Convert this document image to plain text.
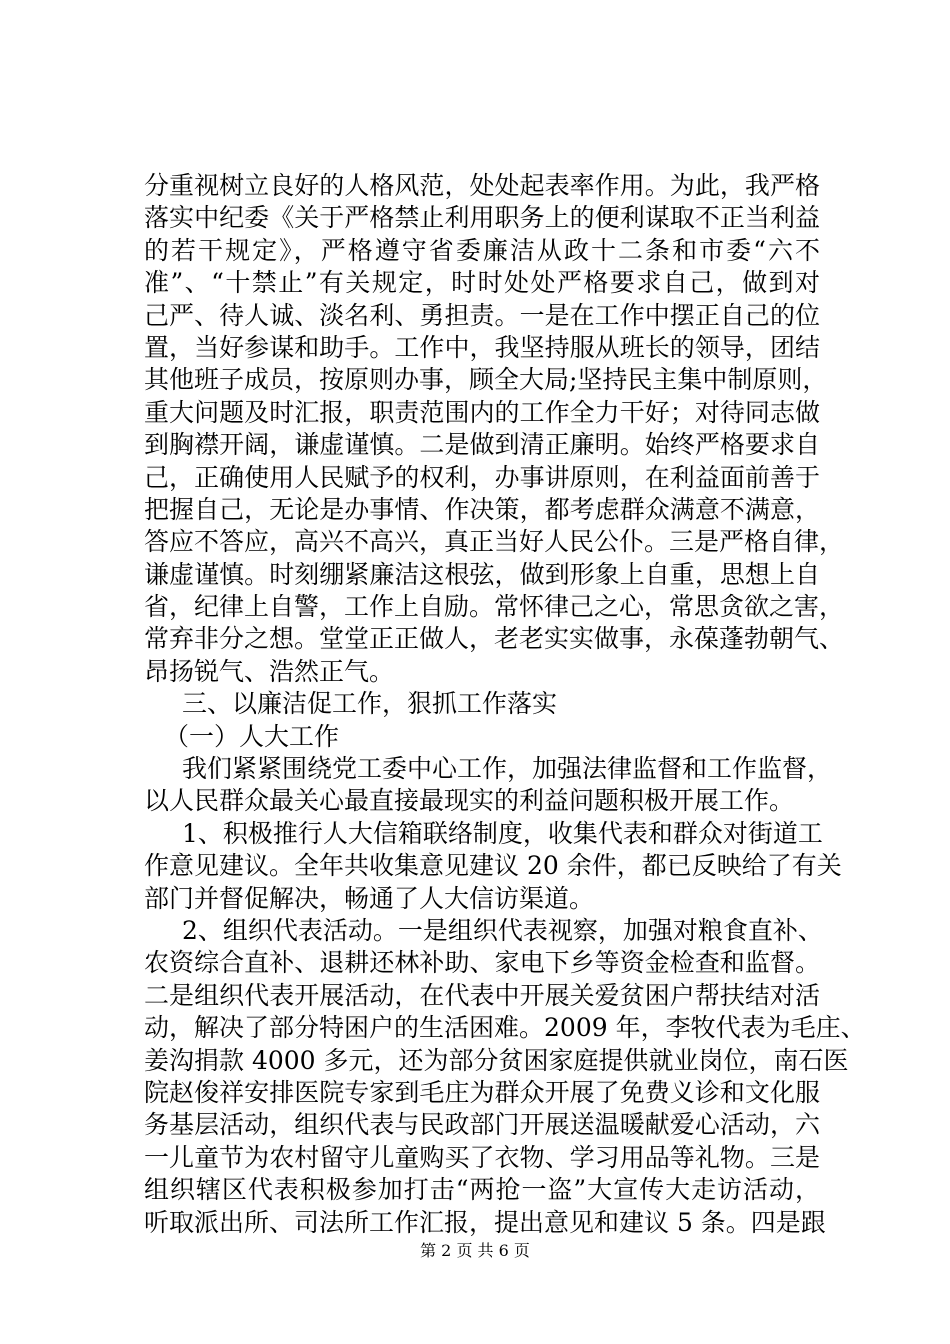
分重视树立良好的人格风范，处处起表率作用。为此，我严格
落实中纪委《关于严格禁止利用职务上的便利谋取不正当利益
的若干规定》，严格遵守省委廉洁从政十二条和市委“六不
准”、“十禁止”有关规定，时时处处严格要求自己，做到对
己严、待人诚、淡名利、勇担责。一是在工作中摆正自己的位
置，当好参谋和助手。工作中，我坚持服从班长的领导，团结
其他班子成员，按原则办事，顾全大局;坚持民主集中制原则，
重大问题及时汇报，职责范围内的工作全力干好；对待同志做
到胸襟开阔，谦虚谨慎。二是做到清正廉明。始终严格要求自
己，正确使用人民赋予的权利，办事讲原则，在利益面前善于
把握自己，无论是办事情、作决策，都考虑群众满意不满意，
答应不答应，高兴不高兴，真正当好人民公仆。三是严格自律，
谦虚谨慎。时刻绷紧廉洁这根弦，做到形象上自重，思想上自
省，纪律上自警，工作上自励。常怀律己之心，常思贪欲之害，
常弃非分之想。堂堂正正做人，老老实实做事，永葆蓬勃朝气、
昂扬锐气、浩然正气。
三、以廉洁促工作，狠抓工作落实
（一）人大工作
我们紧紧围绕党工委中心工作，加强法律监督和工作监督，
以人民群众最关心最直接最现实的利益问题积极开展工作。
1、积极推行人大信箱联络制度，收集代表和群众对街道工
作意见建议。全年共收集意见建议 20 余件，都已反映给了有关
部门并督促解决，畅通了人大信访渠道。
2、组织代表活动。一是组织代表视察，加强对粮食直补、
农资综合直补、退耕还林补助、家电下乡等资金检查和监督。
二是组织代表开展活动，在代表中开展关爱贫困户帮扶结对活
动，解决了部分特困户的生活困难。2009 年，李牧代表为毛庄、
姜沟捐款 4000 多元，还为部分贫困家庭提供就业岗位，南石医
院赵俊祥安排医院专家到毛庄为群众开展了免费义诊和文化服
务基层活动，组织代表与民政部门开展送温暖献爱心活动，六
一儿童节为农村留守儿童购买了衣物、学习用品等礼物。三是
组织辖区代表积极参加打击“两抢一盗”大宣传大走访活动，
听取派出所、司法所工作汇报，提出意见和建议 5 条。四是跟
第 2 页 共 6 页
